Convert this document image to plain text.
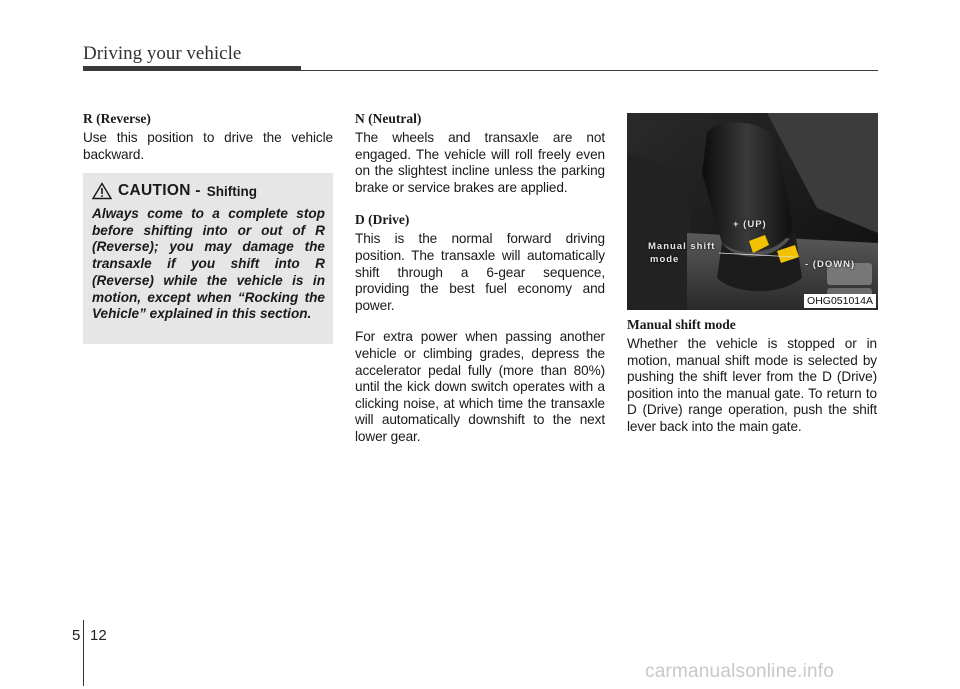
Driving your vehicle
R (Reverse)

Use this position to drive the vehicle backward.

CAUTION - Shifting

Always come to a complete stop before shifting into or out of R (Reverse); you may damage the transaxle if you shift into R (Reverse) while the vehicle is in motion, except when “Rocking the Vehicle” explained in this section.

N (Neutral)

The wheels and transaxle are not engaged. The vehicle will roll freely even on the slightest incline unless the parking brake or service brakes are applied.

D (Drive)

This is the normal forward driving position. The transaxle will automatically shift through a 6-gear sequence, providing the best fuel economy and power.

For extra power when passing another vehicle or climbing grades, depress the accelerator pedal fully (more than 80%) until the kick down switch operates with a clicking noise, at which time the transaxle will automatically downshift to the next lower gear.

+ (UP)
Manual shift
mode	- (DOWN)
OHG051014A
Manual shift mode

Whether the vehicle is stopped or in motion, manual shift mode is selected by pushing the shift lever from the D (Drive) position into the manual gate. To return to D (Drive) range operation, push the shift lever back into the main gate.

5 12
carmanualsonline.info
